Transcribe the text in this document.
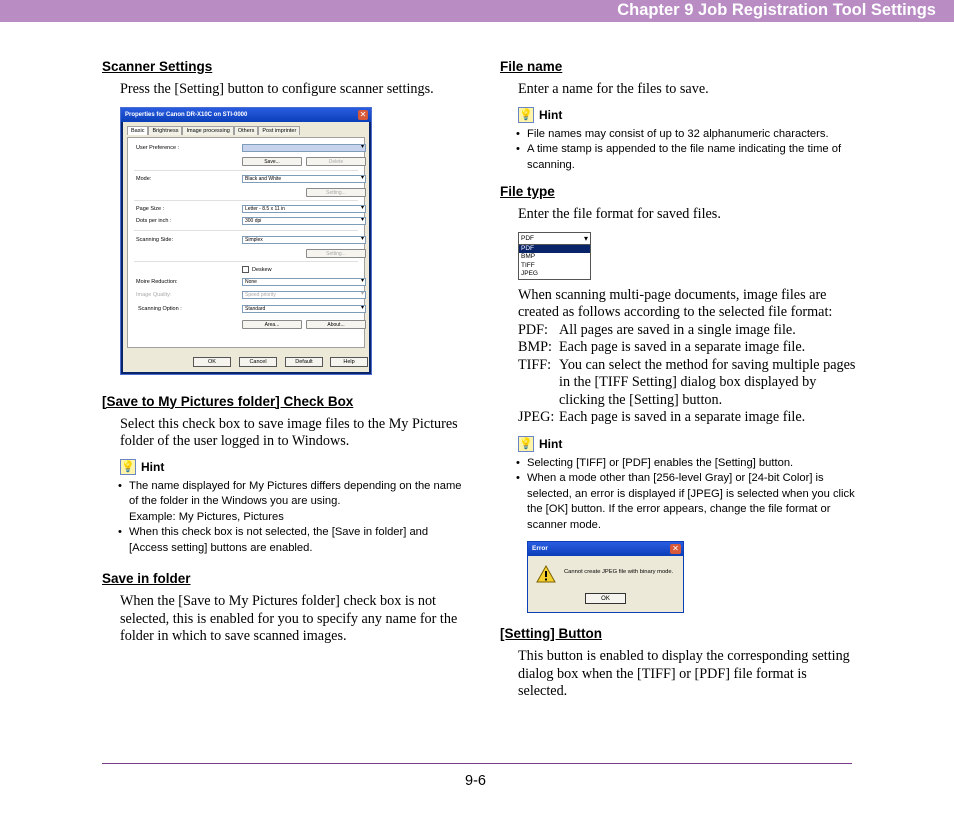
Chapter 9 Job Registration Tool Settings
Scanner Settings
Press the [Setting] button to configure scanner settings.
Properties for Canon DR-X10C on STI-0000	✕
Basic	Brightness	Image processing	Others	Post imprinter
User Preference :
▾
Save...	Delete
Mode:	Black and White ▾
Setting...
Page Size :	Letter - 8.5 x 11 in ▾
Dots per inch :	300 dpi ▾
Scanning Side:	Simplex ▾
Setting...
Deskew
Moire Reduction:	None ▾
Image Quality:	Speed priority ▾
Scanning Option :	Standard ▾
Area...	About...
OK	Cancel	Default	Help
[Save to My Pictures folder] Check Box
Select this check box to save image files to the My Pictures folder of the user logged in to Windows.
💡 Hint
• The name displayed for My Pictures differs depending on the name of the folder in the Windows you are using.
Example: My Pictures, Pictures
• When this check box is not selected, the [Save in folder] and [Access setting] buttons are enabled.
Save in folder
When the [Save to My Pictures folder] check box is not selected, this is enabled for you to specify any name for the folder in which to save scanned images.
File name
Enter a name for the files to save.
💡 Hint
• File names may consist of up to 32 alphanumeric characters.
• A time stamp is appended to the file name indicating the time of scanning.
File type
Enter the file format for saved files.
PDF ▾
PDF
BMP
TIFF
JPEG
When scanning multi-page documents, image files are created as follows according to the selected file format:
PDF: All pages are saved in a single image file.
BMP: Each page is saved in a separate image file.
TIFF: You can select the method for saving multiple pages in the [TIFF Setting] dialog box displayed by clicking the [Setting] button.
JPEG: Each page is saved in a separate image file.
💡 Hint
• Selecting [TIFF] or [PDF] enables the [Setting] button.
• When a mode other than [256-level Gray] or [24-bit Color] is selected, an error is displayed if [JPEG] is selected when you click the [OK] button. If the error appears, change the file format or scanner mode.
Error	✕
Cannot create JPEG file with binary mode.
OK
[Setting] Button
This button is enabled to display the corresponding setting dialog box when the [TIFF] or [PDF] file format is selected.
9-6
